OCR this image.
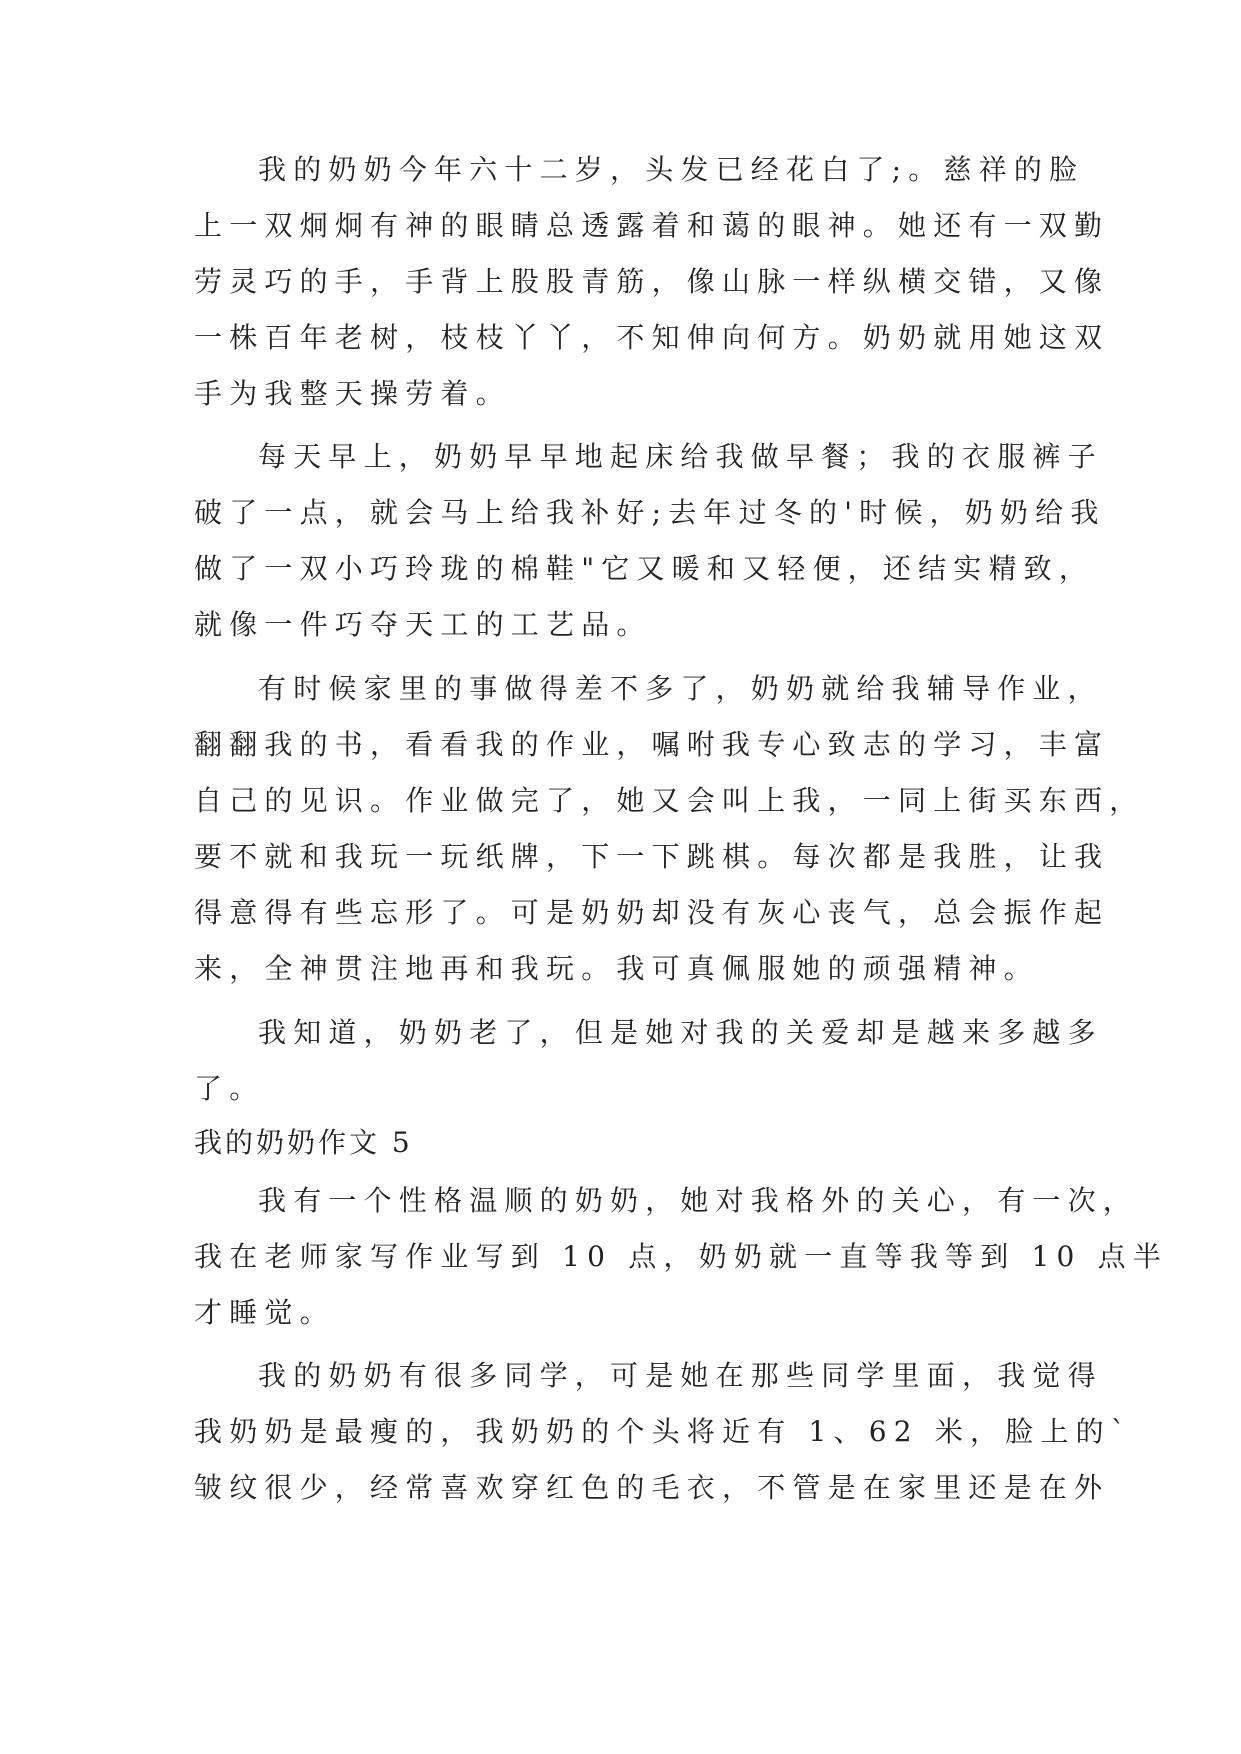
我的奶奶今年六十二岁，头发已经花白了;。慈祥的脸
上一双炯炯有神的眼睛总透露着和蔼的眼神。她还有一双勤
劳灵巧的手，手背上股股青筋，像山脉一样纵横交错，又像
一株百年老树，枝枝丫丫，不知伸向何方。奶奶就用她这双
手为我整天操劳着。
每天早上，奶奶早早地起床给我做早餐；我的衣服裤子
破了一点，就会马上给我补好;去年过冬的'时候，奶奶给我
做了一双小巧玲珑的棉鞋"它又暖和又轻便，还结实精致，
就像一件巧夺天工的工艺品。
有时候家里的事做得差不多了，奶奶就给我辅导作业，
翻翻我的书，看看我的作业，嘱咐我专心致志的学习，丰富
自己的见识。作业做完了，她又会叫上我，一同上街买东西，
要不就和我玩一玩纸牌，下一下跳棋。每次都是我胜，让我
得意得有些忘形了。可是奶奶却没有灰心丧气，总会振作起
来，全神贯注地再和我玩。我可真佩服她的顽强精神。
我知道，奶奶老了，但是她对我的关爱却是越来多越多
了。
我的奶奶作文 5
我有一个性格温顺的奶奶，她对我格外的关心，有一次，
我在老师家写作业写到 10 点，奶奶就一直等我等到 10 点半
才睡觉。
我的奶奶有很多同学，可是她在那些同学里面，我觉得
我奶奶是最瘦的，我奶奶的个头将近有 1、62 米，脸上的`
皱纹很少，经常喜欢穿红色的毛衣，不管是在家里还是在外
